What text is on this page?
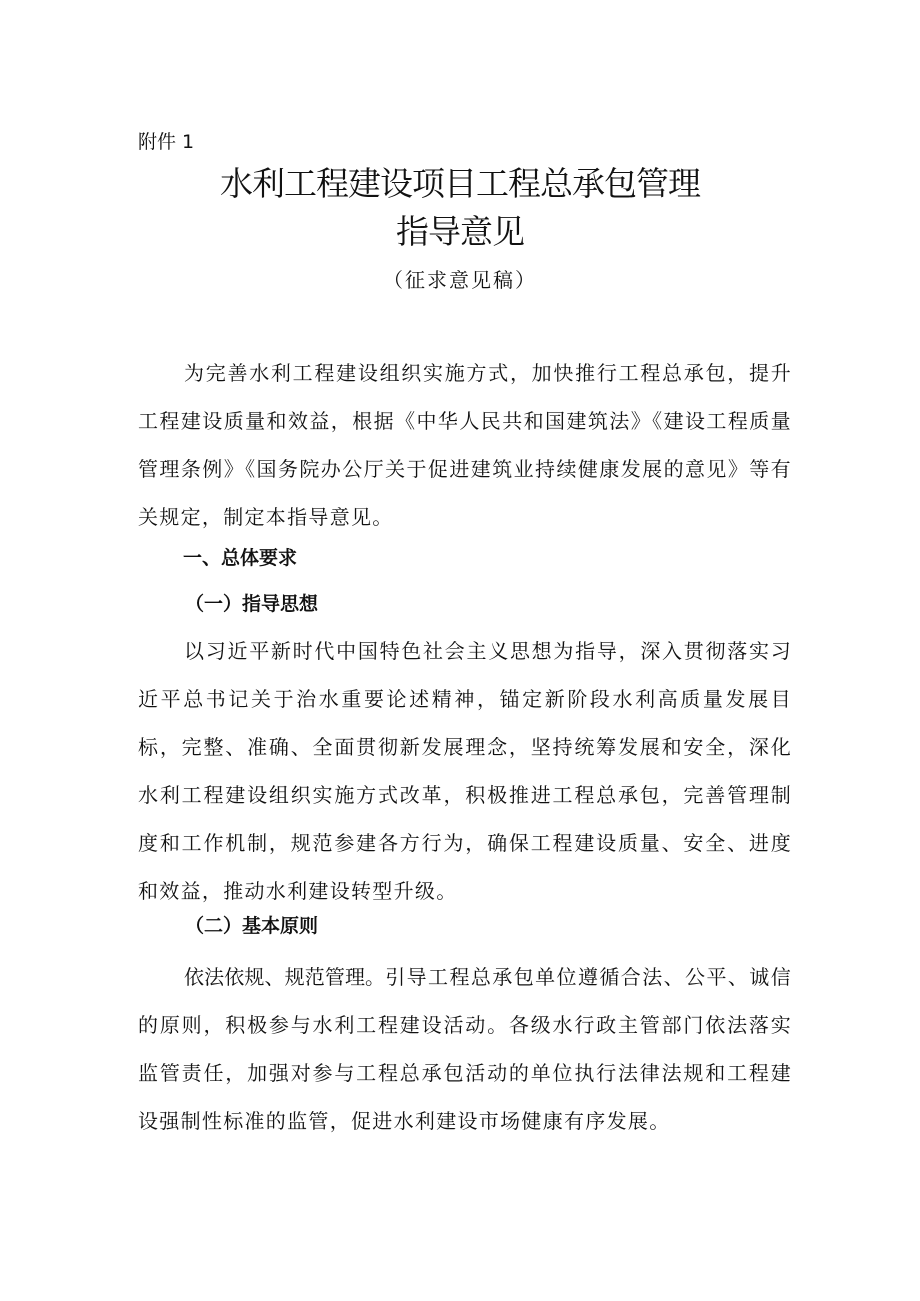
附件 1
水利工程建设项目工程总承包管理
指导意见
（征求意见稿）

为完善水利工程建设组织实施方式，加快推行工程总承包，提升工程建设质量和效益，根据《中华人民共和国建筑法》《建设工程质量管理条例》《国务院办公厅关于促进建筑业持续健康发展的意见》等有关规定，制定本指导意见。

一、总体要求
（一）指导思想

以习近平新时代中国特色社会主义思想为指导，深入贯彻落实习近平总书记关于治水重要论述精神，锚定新阶段水利高质量发展目标，完整、准确、全面贯彻新发展理念，坚持统筹发展和安全，深化水利工程建设组织实施方式改革，积极推进工程总承包，完善管理制度和工作机制，规范参建各方行为，确保工程建设质量、安全、进度和效益，推动水利建设转型升级。

（二）基本原则

依法依规、规范管理。引导工程总承包单位遵循合法、公平、诚信的原则，积极参与水利工程建设活动。各级水行政主管部门依法落实监管责任，加强对参与工程总承包活动的单位执行法律法规和工程建设强制性标准的监管，促进水利建设市场健康有序发展。
